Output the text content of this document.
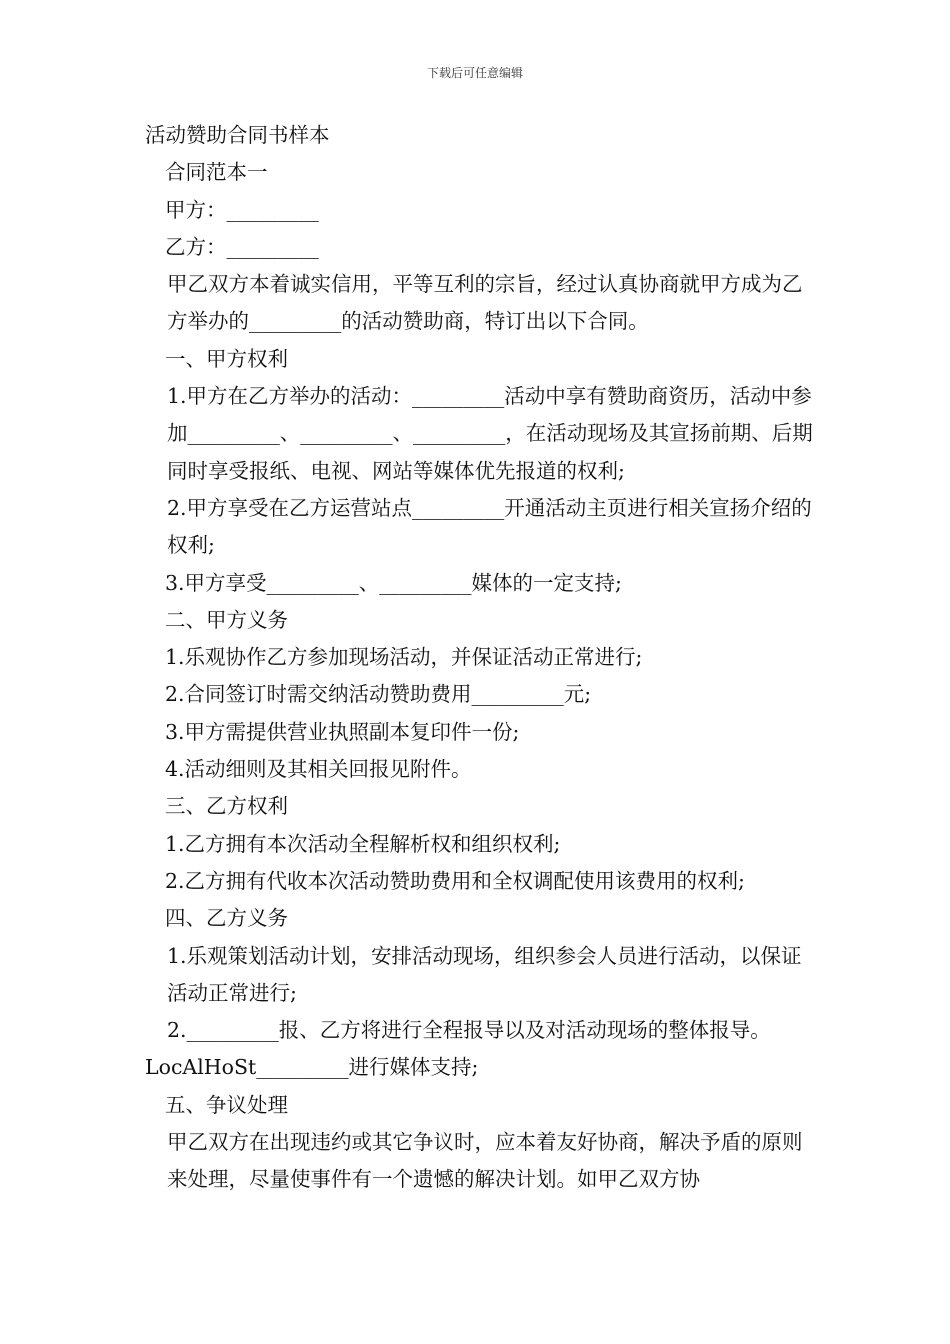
下载后可任意编辑

活动赞助合同书样本

合同范本一

甲方：_________

乙方：_________

甲乙双方本着诚实信用，平等互利的宗旨，经过认真协商就甲方成为乙方举办的_________的活动赞助商，特订出以下合同。

一、甲方权利

1.甲方在乙方举办的活动：_________活动中享有赞助商资历，活动中参加_________、_________、_________，在活动现场及其宣扬前期、后期同时享受报纸、电视、网站等媒体优先报道的权利;

2.甲方享受在乙方运营站点_________开通活动主页进行相关宣扬介绍的权利;

3.甲方享受_________、_________媒体的一定支持;

二、甲方义务

1.乐观协作乙方参加现场活动，并保证活动正常进行;

2.合同签订时需交纳活动赞助费用_________元;

3.甲方需提供营业执照副本复印件一份;

4.活动细则及其相关回报见附件。

三、乙方权利

1.乙方拥有本次活动全程解析权和组织权利;

2.乙方拥有代收本次活动赞助费用和全权调配使用该费用的权利;

四、乙方义务

1.乐观策划活动计划，安排活动现场，组织参会人员进行活动，以保证活动正常进行;

2._________报、乙方将进行全程报导以及对活动现场的整体报导。

LocAlHoSt_________进行媒体支持;

五、争议处理

甲乙双方在出现违约或其它争议时，应本着友好协商，解决予盾的原则来处理，尽量使事件有一个遗憾的解决计划。如甲乙双方协
